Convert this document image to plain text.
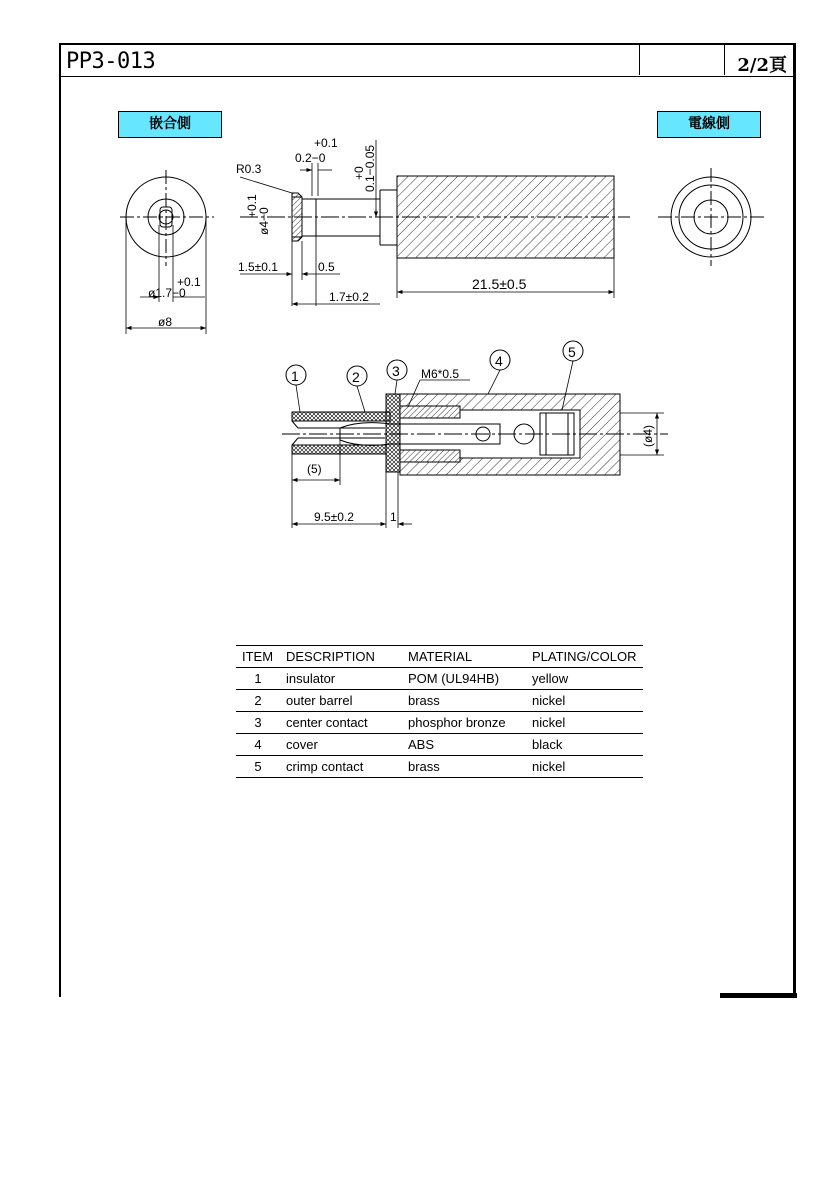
PP3-013	2/2頁
嵌合側	電線側
+0.1
ø1.7−0
ø8
R0.3
+0.1
0.2−0
+0
0.1−0.05
+0.1
ø4−0
1.5±0.1	0.5
1.7±0.2
21.5±0.5
1	2 3
4
5
M6*0.5
(5)
(ø4)
9.5±0.2	1
ITEM	DESCRIPTION	MATERIAL	PLATING/COLOR
1	insulator	POM (UL94HB)	yellow
2	outer barrel	brass	nickel
3	center contact	phosphor bronze	nickel
4	cover	ABS	black
5	crimp contact	brass	nickel
